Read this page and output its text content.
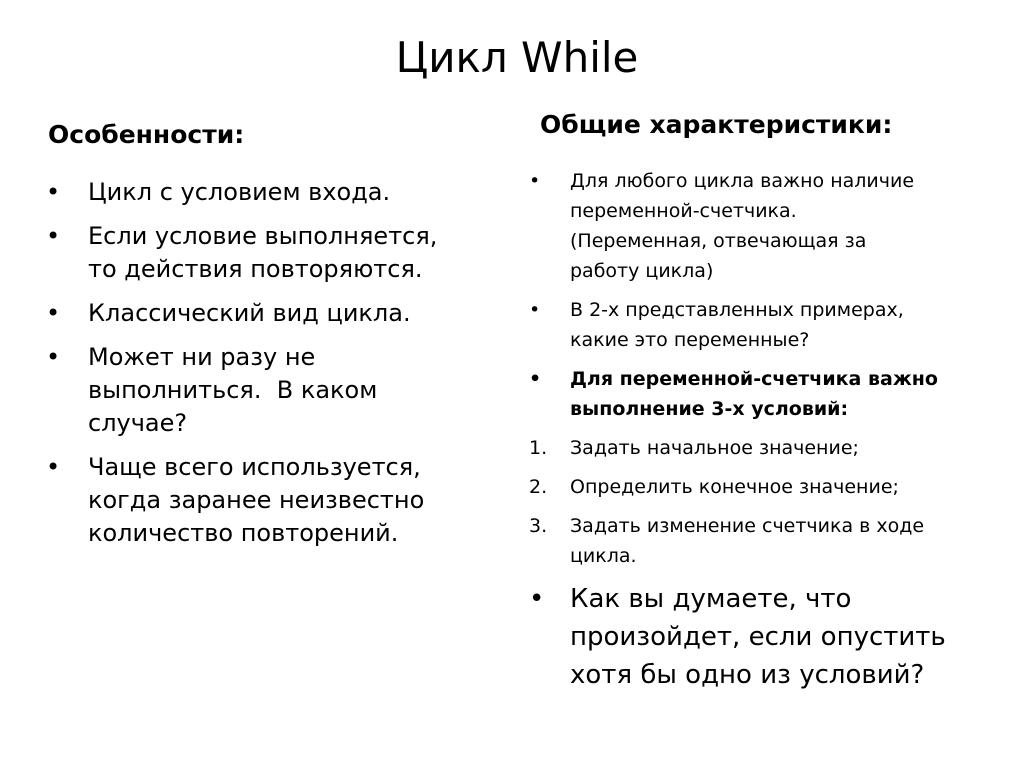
Цикл While
Особенности:
• Цикл с условием входа.
• Если условие выполняется,
то действия повторяются.
• Классический вид цикла.
• Может ни разу не
выполниться.  В каком
случае?
• Чаще всего используется,
когда заранее неизвестно
количество повторений.
Общие характеристики:
• Для любого цикла важно наличие
переменной-счетчика.
(Переменная, отвечающая за
работу цикла)
• В 2-х представленных примерах,
какие это переменные?
• Для переменной-счетчика важно
выполнение 3-х условий:
1. Задать начальное значение;
2. Определить конечное значение;
3. Задать изменение счетчика в ходе
цикла.
• Как вы думаете, что
произойдет, если опустить
хотя бы одно из условий?
